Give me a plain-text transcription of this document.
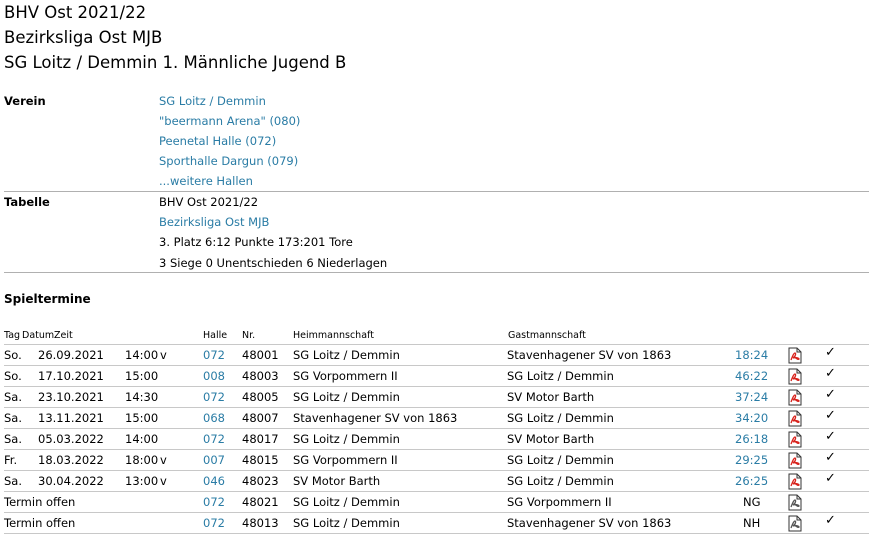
BHV Ost 2021/22
Bezirksliga Ost MJB
SG Loitz / Demmin 1. Männliche Jugend B
Verein	SG Loitz / Demmin
"beermann Arena" (080)
Peenetal Halle (072)
Sporthalle Dargun (079)
...weitere Hallen
Tabelle	BHV Ost 2021/22
Bezirksliga Ost MJB
3. Platz 6:12 Punkte 173:201 Tore
3 Siege 0 Unentschieden 6 Niederlagen
Spieltermine
Tag Datum Zeit	Halle Nr.	Heimmannschaft	Gastmannschaft
So. 26.09.2021 14:00 v	072 48001 SG Loitz / Demmin	Stavenhagener SV von 1863	18:24	✓
So. 17.10.2021 15:00	008 48003 SG Vorpommern II	SG Loitz / Demmin	46:22	✓
Sa. 23.10.2021 14:30	072 48005 SG Loitz / Demmin	SV Motor Barth	37:24	✓
Sa. 13.11.2021 15:00	068 48007 Stavenhagener SV von 1863	SG Loitz / Demmin	34:20	✓
Sa. 05.03.2022 14:00	072 48017 SG Loitz / Demmin	SV Motor Barth	26:18	✓
Fr. 18.03.2022 18:00 v	007 48015 SG Vorpommern II	SG Loitz / Demmin	29:25	✓
Sa. 30.04.2022 13:00 v	046 48023 SV Motor Barth	SG Loitz / Demmin	26:25	✓
Termin offen	072 48021 SG Loitz / Demmin	SG Vorpommern II	NG
Termin offen	072 48013 SG Loitz / Demmin	Stavenhagener SV von 1863	NH	✓
